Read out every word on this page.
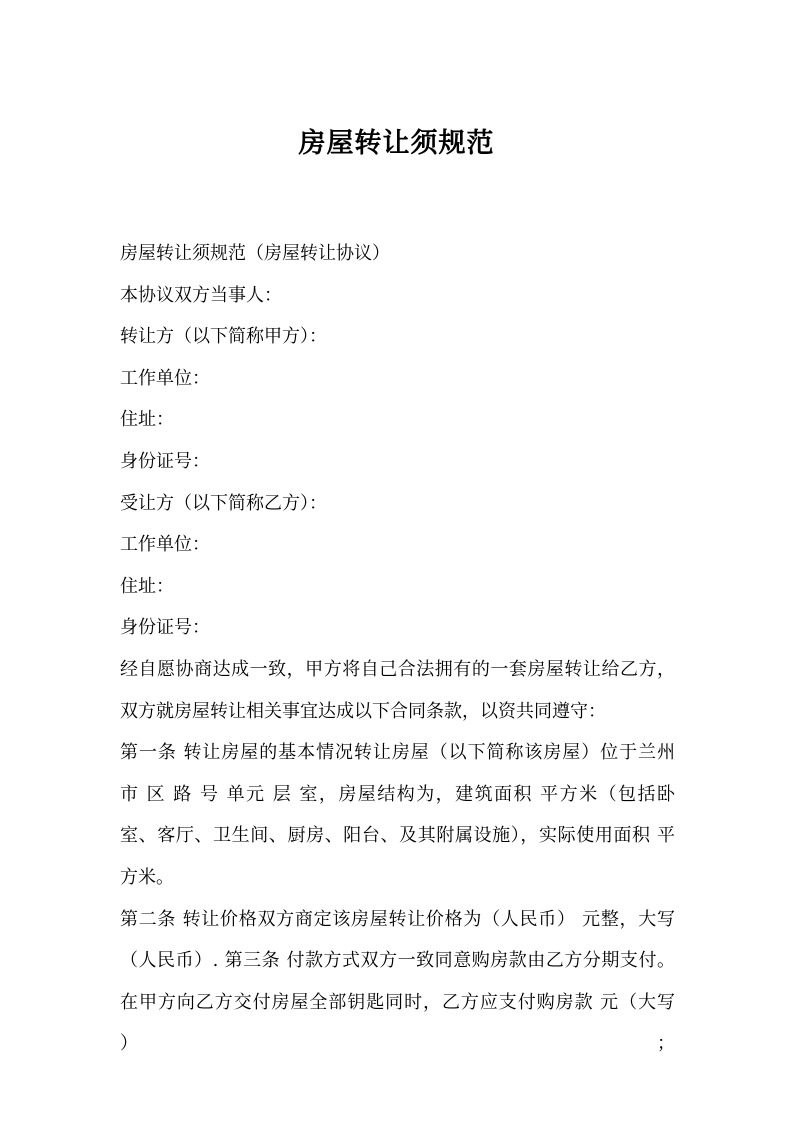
房屋转让须规范
房屋转让须规范（房屋转让协议）
本协议双方当事人：
转让方（以下简称甲方）：
工作单位：
住址：
身份证号：
受让方（以下简称乙方）：
工作单位：
住址：
身份证号：
经自愿协商达成一致，甲方将自己合法拥有的一套房屋转让给乙方，
双方就房屋转让相关事宜达成以下合同条款，以资共同遵守：
第一条 转让房屋的基本情况转让房屋（以下简称该房屋）位于兰州
市 区 路 号 单元 层 室，房屋结构为，建筑面积 平方米（包括卧
室、客厅、卫生间、厨房、阳台、及其附属设施），实际使用面积 平
方米。
第二条 转让价格双方商定该房屋转让价格为（人民币） 元整，大写
（人民币）. 第三条 付款方式双方一致同意购房款由乙方分期支付。
在甲方向乙方交付房屋全部钥匙同时，乙方应支付购房款 元（大写 ）；
